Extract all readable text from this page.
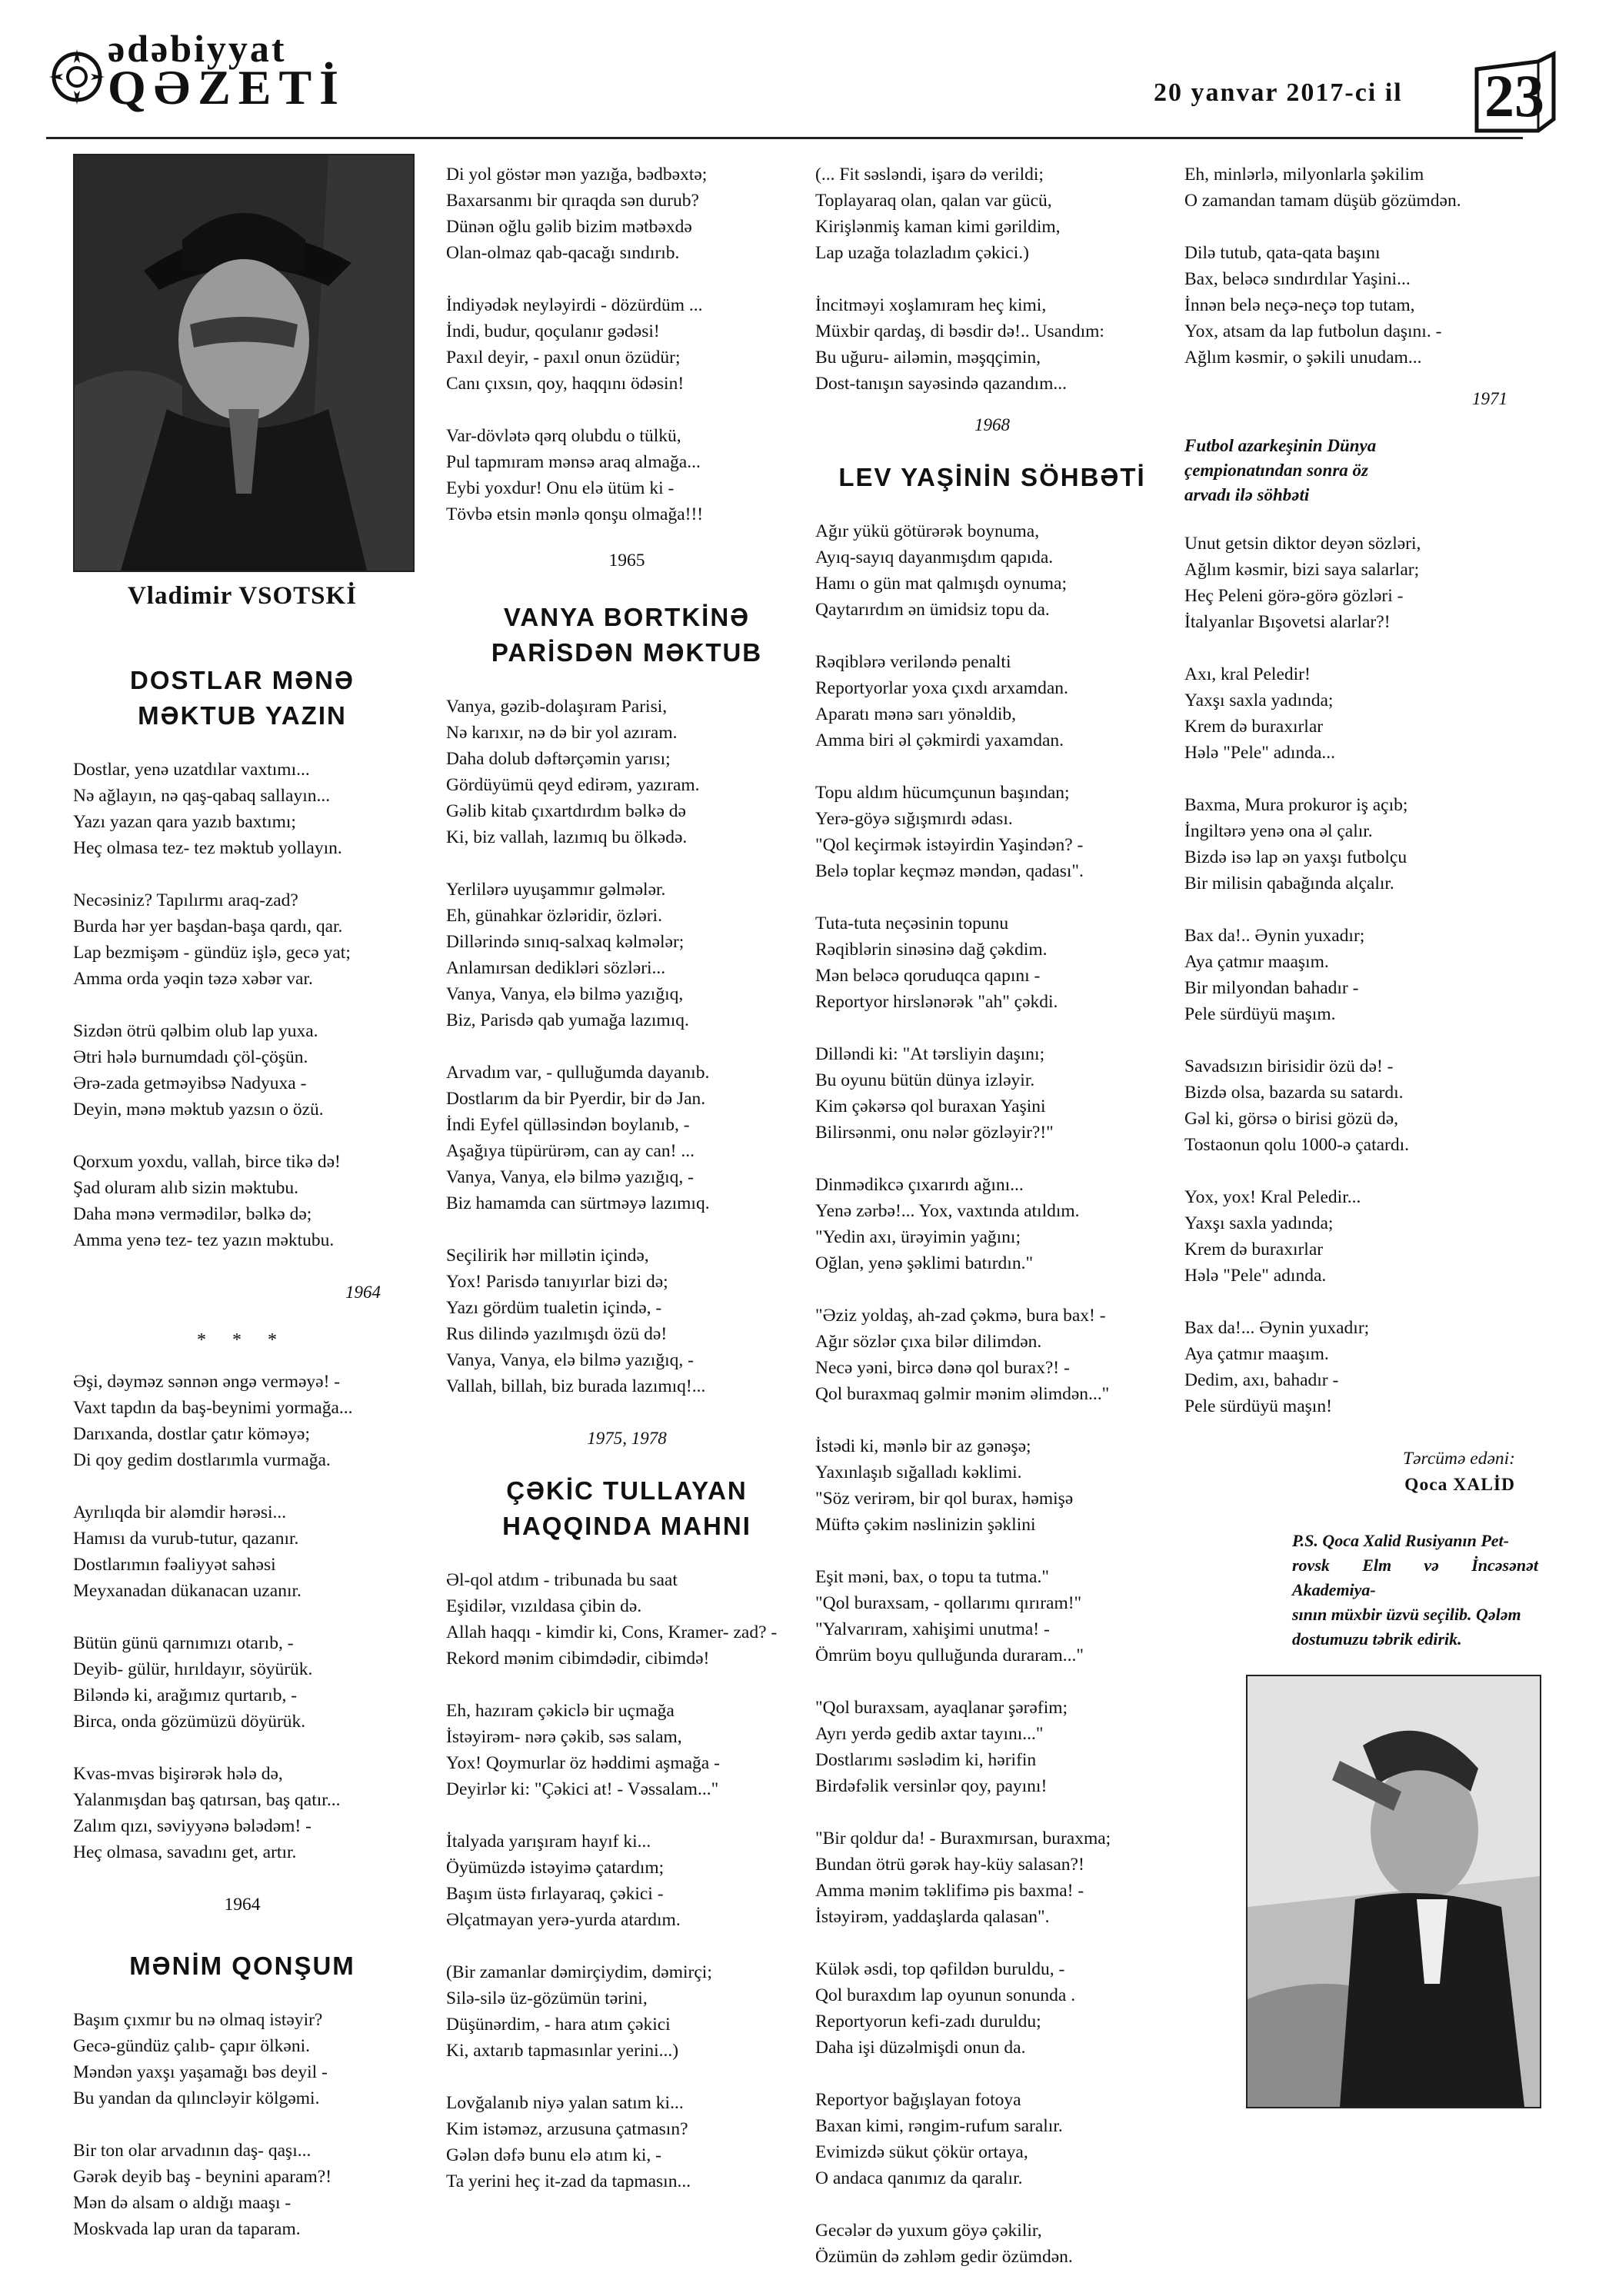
ədəbiyyat
QƏZETİ	20 yanvar 2017-ci il 23
Vladimir VSOTSKİ
DOSTLAR MƏNƏ
MƏKTUB YAZIN
Dostlar, yenə uzatdılar vaxtımı...
Nə ağlayın, nə qaş-qabaq sallayın...
Yazı yazan qara yazıb baxtımı;
Heç olmasa tez- tez məktub yollayın.
Necəsiniz? Tapılırmı araq-zad?
Burda hər yer başdan-başa qardı, qar.
Lap bezmişəm - gündüz işlə, gecə yat;
Amma orda yəqin təzə xəbər var.
Sizdən ötrü qəlbim olub lap yuxa.
Ətri hələ burnumdadı çöl-çöşün.
Ərə-zada getməyibsə Nadyuxa -
Deyin, mənə məktub yazsın o özü.
Qorxum yoxdu, vallah, birce tikə də!
Şad oluram alıb sizin məktubu.
Daha mənə vermədilər, bəlkə də;
Amma yenə tez- tez yazın məktubu.
1964
* * *
Əşi, dəyməz sənnən əngə verməyə! -
Vaxt tapdın da baş-beynimi yormağa...
Darıxanda, dostlar çatır köməyə;
Di qoy gedim dostlarımla vurmağa.
Ayrılıqda bir aləmdir hərəsi...
Hamısı da vurub-tutur, qazanır.
Dostlarımın fəaliyyət sahəsi
Meyxanadan dükanacan uzanır.
Bütün günü qarnımızı otarıb, -
Deyib- gülür, hırıldayır, söyürük.
Biləndə ki, arağımız qurtarıb, -
Birca, onda gözümüzü döyürük.
Kvas-mvas bişirərək hələ də,
Yalanmışdan baş qatırsan, baş qatır...
Zalım qızı, səviyyənə bələdəm! -
Heç olmasa, savadını get, artır.
1964
MƏNİM QONŞUM
Başım çıxmır bu nə olmaq istəyir?
Gecə-gündüz çalıb- çapır ölkəni.
Məndən yaxşı yaşamağı bəs deyil -
Bu yandan da qılıncləyir kölgəmi.
Bir ton olar arvadının daş- qaşı...
Gərək deyib baş - beynini aparam?!
Mən də alsam o aldığı maaşı -
Moskvada lap uran da taparam.
Di yol göstər mən yazığa, bədbəxtə;
Baxarsanmı bir qıraqda sən durub?
Dünən oğlu gəlib bizim mətbəxdə
Olan-olmaz qab-qacağı sındırıb.
İndiyədək neyləyirdi - dözürdüm ...
İndi, budur, qoçulanır gədəsi!
Paxıl deyir, - paxıl onun özüdür;
Canı çıxsın, qoy, haqqını ödəsin!
Var-dövlətə qərq olubdu o tülkü,
Pul tapmıram mənsə araq almağa...
Eybi yoxdur! Onu elə ütüm ki -
Tövbə etsin mənlə qonşu olmağa!!!
1965
VANYA BORTKİNƏ
PARİSDƏN MƏKTUB
Vanya, gəzib-dolaşıram Parisi,
Nə karıxır, nə də bir yol azıram.
Daha dolub dəftərçəmin yarısı;
Gördüyümü qeyd edirəm, yazıram.
Gəlib kitab çıxartdırdım bəlkə də
Ki, biz vallah, lazımıq bu ölkədə.
Yerlilərə uyuşammır gəlmələr.
Eh, günahkar özləridir, özləri.
Dillərində sınıq-salxaq kəlmələr;
Anlamırsan dedikləri sözləri...
Vanya, Vanya, elə bilmə yazığıq,
Biz, Parisdə qab yumağa lazımıq.
Arvadım var, - qulluğumda dayanıb.
Dostlarım da bir Pyerdir, bir də Jan.
İndi Eyfel qülləsindən boylanıb, -
Aşağıya tüpürürəm, can ay can! ...
Vanya, Vanya, elə bilmə yazığıq, -
Biz hamamda can sürtməyə lazımıq.
Seçilirik hər millətin içində,
Yox! Parisdə tanıyırlar bizi də;
Yazı gördüm tualetin içində, -
Rus dilində yazılmışdı özü də!
Vanya, Vanya, elə bilmə yazığıq, -
Vallah, billah, biz burada lazımıq!...
1975, 1978
ÇƏKİC TULLAYAN
HAQQINDA MAHNI
Əl-qol atdım - tribunada bu saat
Eşidilər, vızıldasa çibin də.
Allah haqqı - kimdir ki, Cons, Kramer- zad? -
Rekord mənim cibimdədir, cibimdə!
Eh, hazıram çəkiclə bir uçmağa
İstəyirəm- nərə çəkib, səs salam,
Yox! Qoymurlar öz həddimi aşmağa -
Deyirlər ki: "Çəkici at! - Vəssalam..."
İtalyada yarışıram hayıf ki...
Öyümüzdə istəyimə çatardım;
Başım üstə fırlayaraq, çəkici -
Əlçatmayan yerə-yurda atardım.
(Bir zamanlar dəmirçiydim, dəmirçi;
Silə-silə üz-gözümün tərini,
Düşünərdim, - hara atım çəkici
Ki, axtarıb tapmasınlar yerini...)
Lovğalanıb niyə yalan satım ki...
Kim istəməz, arzusuna çatmasın?
Gələn dəfə bunu elə atım ki, -
Ta yerini heç it-zad da tapmasın...
(... Fit səsləndi, işarə də verildi;
Toplayaraq olan, qalan var gücü,
Kirişlənmiş kaman kimi gərildim,
Lap uzağa tolazladım çəkici.)
İncitməyi xoşlamıram heç kimi,
Müxbir qardaş, di bəsdir də!.. Usandım:
Bu uğuru- ailəmin, məşqçimin,
Dost-tanışın sayəsində qazandım...
1968
LEV YAŞİNİN SÖHBƏTİ
Ağır yükü götürərək boynuma,
Ayıq-sayıq dayanmışdım qapıda.
Hamı o gün mat qalmışdı oynuma;
Qaytarırdım ən ümidsiz topu da.
Rəqiblərə veriləndə penalti
Reportyorlar yoxa çıxdı arxamdan.
Aparatı mənə sarı yönəldib,
Amma biri əl çəkmirdi yaxamdan.
Topu aldım hücumçunun başından;
Yerə-göyə sığışmırdı ədası.
"Qol keçirmək istəyirdin Yaşindən? -
Belə toplar keçməz məndən, qadası".
Tuta-tuta neçəsinin topunu
Rəqiblərin sinəsinə dağ çəkdim.
Mən beləcə qoruduqca qapını -
Reportyor hirslənərək "ah" çəkdi.
Dilləndi ki: "At tərsliyin daşını;
Bu oyunu bütün dünya izləyir.
Kim çəkərsə qol buraxan Yaşini
Bilirsənmi, onu nələr gözləyir?!"
Dinmədikcə çıxarırdı ağını...
Yenə zərbə!... Yox, vaxtında atıldım.
"Yedin axı, ürəyimin yağını;
Oğlan, yenə şəklimi batırdın."
"Əziz yoldaş, ah-zad çəkmə, bura bax! -
Ağır sözlər çıxa bilər dilimdən.
Necə yəni, bircə dənə qol burax?! -
Qol buraxmaq gəlmir mənim əlimdən..."
İstədi ki, mənlə bir az gənəşə;
Yaxınlaşıb sığalladı kəklimi.
"Söz verirəm, bir qol burax, həmişə
Müftə çəkim nəslinizin şəklini
Eşit məni, bax, o topu ta tutma."
"Qol buraxsam, - qollarımı qırıram!"
"Yalvarıram, xahişimi unutma! -
Ömrüm boyu qulluğunda duraram..."
"Qol buraxsam, ayaqlanar şərəfim;
Ayrı yerdə gedib axtar tayını..."
Dostlarımı səslədim ki, hərifin
Birdəfəlik versinlər qoy, payını!
"Bir qoldur da! - Buraxmırsan, buraxma;
Bundan ötrü gərək hay-küy salasan?!
Amma mənim təklifimə pis baxma! -
İstəyirəm, yaddaşlarda qalasan".
Külək əsdi, top qəfildən buruldu, -
Qol buraxdım lap oyunun sonunda .
Reportyorun kefi-zadı duruldu;
Daha işi düzəlmişdi onun da.
Reportyor bağışlayan fotoya
Baxan kimi, rəngim-rufum saralır.
Evimizdə sükut çökür ortaya,
O andaca qanımız da qaralır.
Gecələr də yuxum göyə çəkilir,
Özümün də zəhləm gedir özümdən.
Eh, minlərlə, milyonlarla şəkilim
O zamandan tamam düşüb gözümdən.
Dilə tutub, qata-qata başını
Bax, beləcə sındırdılar Yaşini...
İnnən belə neçə-neçə top tutam,
Yox, atsam da lap futbolun daşını. -
Ağlım kəsmir, o şəkili unudam...
1971
Futbol azarkeşinin Dünya
çempionatından sonra öz
arvadı ilə söhbəti
Unut getsin diktor deyən sözləri,
Ağlım kəsmir, bizi saya salarlar;
Heç Peleni görə-görə gözləri -
İtalyanlar Bışovetsi alarlar?!
Axı, kral Peledir!
Yaxşı saxla yadında;
Krem də buraxırlar
Hələ "Pele" adında...
Baxma, Mura prokuror iş açıb;
İngiltərə yenə ona əl çalır.
Bizdə isə lap ən yaxşı futbolçu
Bir milisin qabağında alçalır.
Bax da!.. Əynin yuxadır;
Aya çatmır maaşım.
Bir milyondan bahadır -
Pele sürdüyü maşım.
Savadsızın birisidir özü də! -
Bizdə olsa, bazarda su satardı.
Gəl ki, görsə o birisi gözü də,
Tostaonun qolu 1000-ə çatardı.
Yox, yox! Kral Peledir...
Yaxşı saxla yadında;
Krem də buraxırlar
Hələ "Pele" adında.
Bax da!... Əynin yuxadır;
Aya çatmır maaşım.
Dedim, axı, bahadır -
Pele sürdüyü maşın!
Tərcümə edəni:
Qoca XALİD
P.S. Qoca Xalid Rusiyanın Pet-
rovsk Elm və İncəsənət Akademiya-
sının müxbir üzvü seçilib. Qələm
dostumuzu təbrik edirik.
